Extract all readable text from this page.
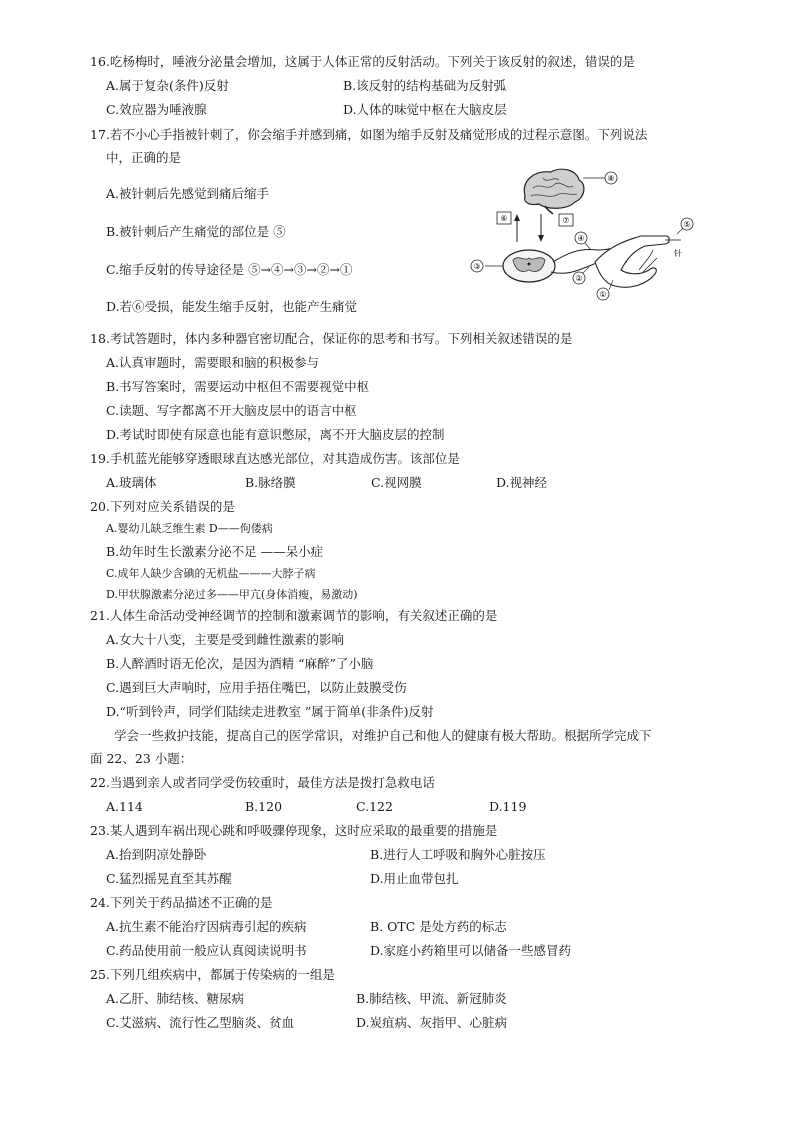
16.吃杨梅时，唾液分泌量会增加，这属于人体正常的反射活动。下列关于该反射的叙述，错误的是
A.属于复杂(条件)反射	B.该反射的结构基础为反射弧
C.效应器为唾液腺	D.人体的味觉中枢在大脑皮层
17.若不小心手指被针刺了，你会缩手并感到痛，如图为缩手反射及痛觉形成的过程示意图。下列说法
中，正确的是
A.被针刺后先感觉到痛后缩手
B.被针刺后产生痛觉的部位是 ⑤
C.缩手反射的传导途径是 ⑤→④→③→②→①
D.若⑥受损，能发生缩手反射，也能产生痛觉
⑧
⑥	⑦
③
④
②
①
针
⑤
18.考试答题时，体内多种器官密切配合，保证你的思考和书写。下列相关叙述错误的是
A.认真审题时，需要眼和脑的积极参与
B.书写答案时，需要运动中枢但不需要视觉中枢
C.读题、写字都离不开大脑皮层中的语言中枢
D.考试时即使有尿意也能有意识憋尿，离不开大脑皮层的控制
19.手机蓝光能够穿透眼球直达感光部位，对其造成伤害。该部位是
A.玻璃体	B.脉络膜	C.视网膜	D.视神经
20.下列对应关系错误的是
A.婴幼儿缺乏维生素 D——佝偻病
B.幼年时生长激素分泌不足 ——呆小症
C.成年人缺少含碘的无机盐———大脖子病
D.甲状腺激素分泌过多——甲亢(身体消瘦，易激动)
21.人体生命活动受神经调节的控制和激素调节的影响，有关叙述正确的是
A.女大十八变，主要是受到雌性激素的影响
B.人醉酒时语无伦次，是因为酒精 “麻醉”了小脑
C.遇到巨大声响时，应用手捂住嘴巴，以防止鼓膜受伤
D.“听到铃声，同学们陆续走进教室 ”属于简单(非条件)反射
学会一些救护技能，提高自己的医学常识，对维护自己和他人的健康有极大帮助。根据所学完成下
面 22、23 小题：
22.当遇到亲人或者同学受伤较重时，最佳方法是拨打急救电话
A.114	B.120	C.122	D.119
23.某人遇到车祸出现心跳和呼吸骤停现象，这时应采取的最重要的措施是
A.抬到阴凉处静卧	B.进行人工呼吸和胸外心脏按压
C.猛烈摇晃直至其苏醒	D.用止血带包扎
24.下列关于药品描述不正确的是
A.抗生素不能治疗因病毒引起的疾病	B. OTC 是处方药的标志
C.药品使用前一般应认真阅读说明书	D.家庭小药箱里可以储备一些感冒药
25.下列几组疾病中，都属于传染病的一组是
A.乙肝、肺结核、糖尿病	B.肺结核、甲流、新冠肺炎
C.艾滋病、流行性乙型脑炎、贫血	D.炭疽病、灰指甲、心脏病
